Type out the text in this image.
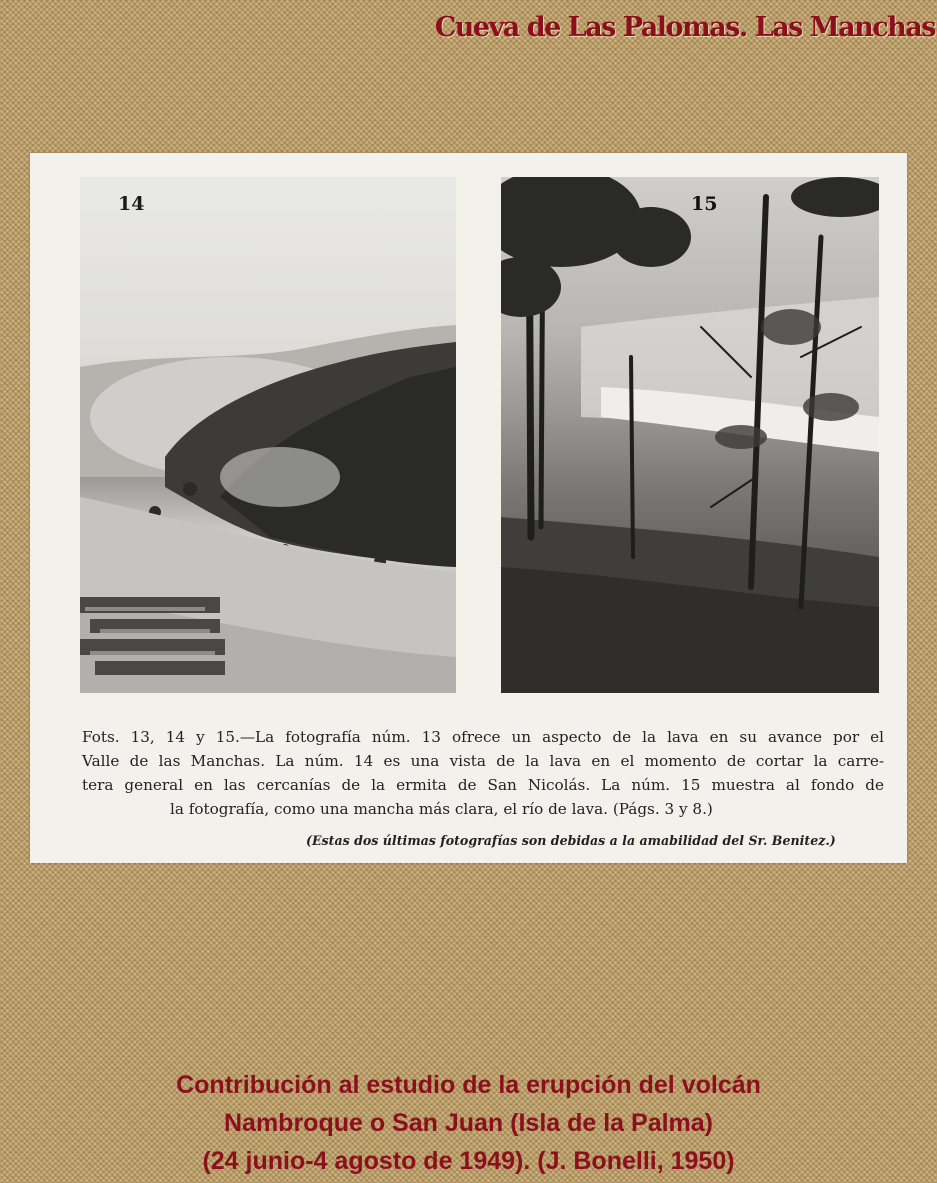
Cueva de Las Palomas. Las Manchas
14	15
Fots. 13, 14 y 15.—La fotografía núm. 13 ofrece un aspecto de la lava en su avance por el
Valle de las Manchas. La núm. 14 es una vista de la lava en el momento de cortar la carre-
tera general en las cercanías de la ermita de San Nicolás. La núm. 15 muestra al fondo de
la fotografía, como una mancha más clara, el río de lava. (Págs. 3 y 8.)
(Estas dos últimas fotografías son debidas a la amabilidad del Sr. Benitez.)
Contribución al estudio de la erupción del volcán
Nambroque o San Juan (Isla de la Palma)
(24 junio-4 agosto de 1949). (J. Bonelli, 1950)
